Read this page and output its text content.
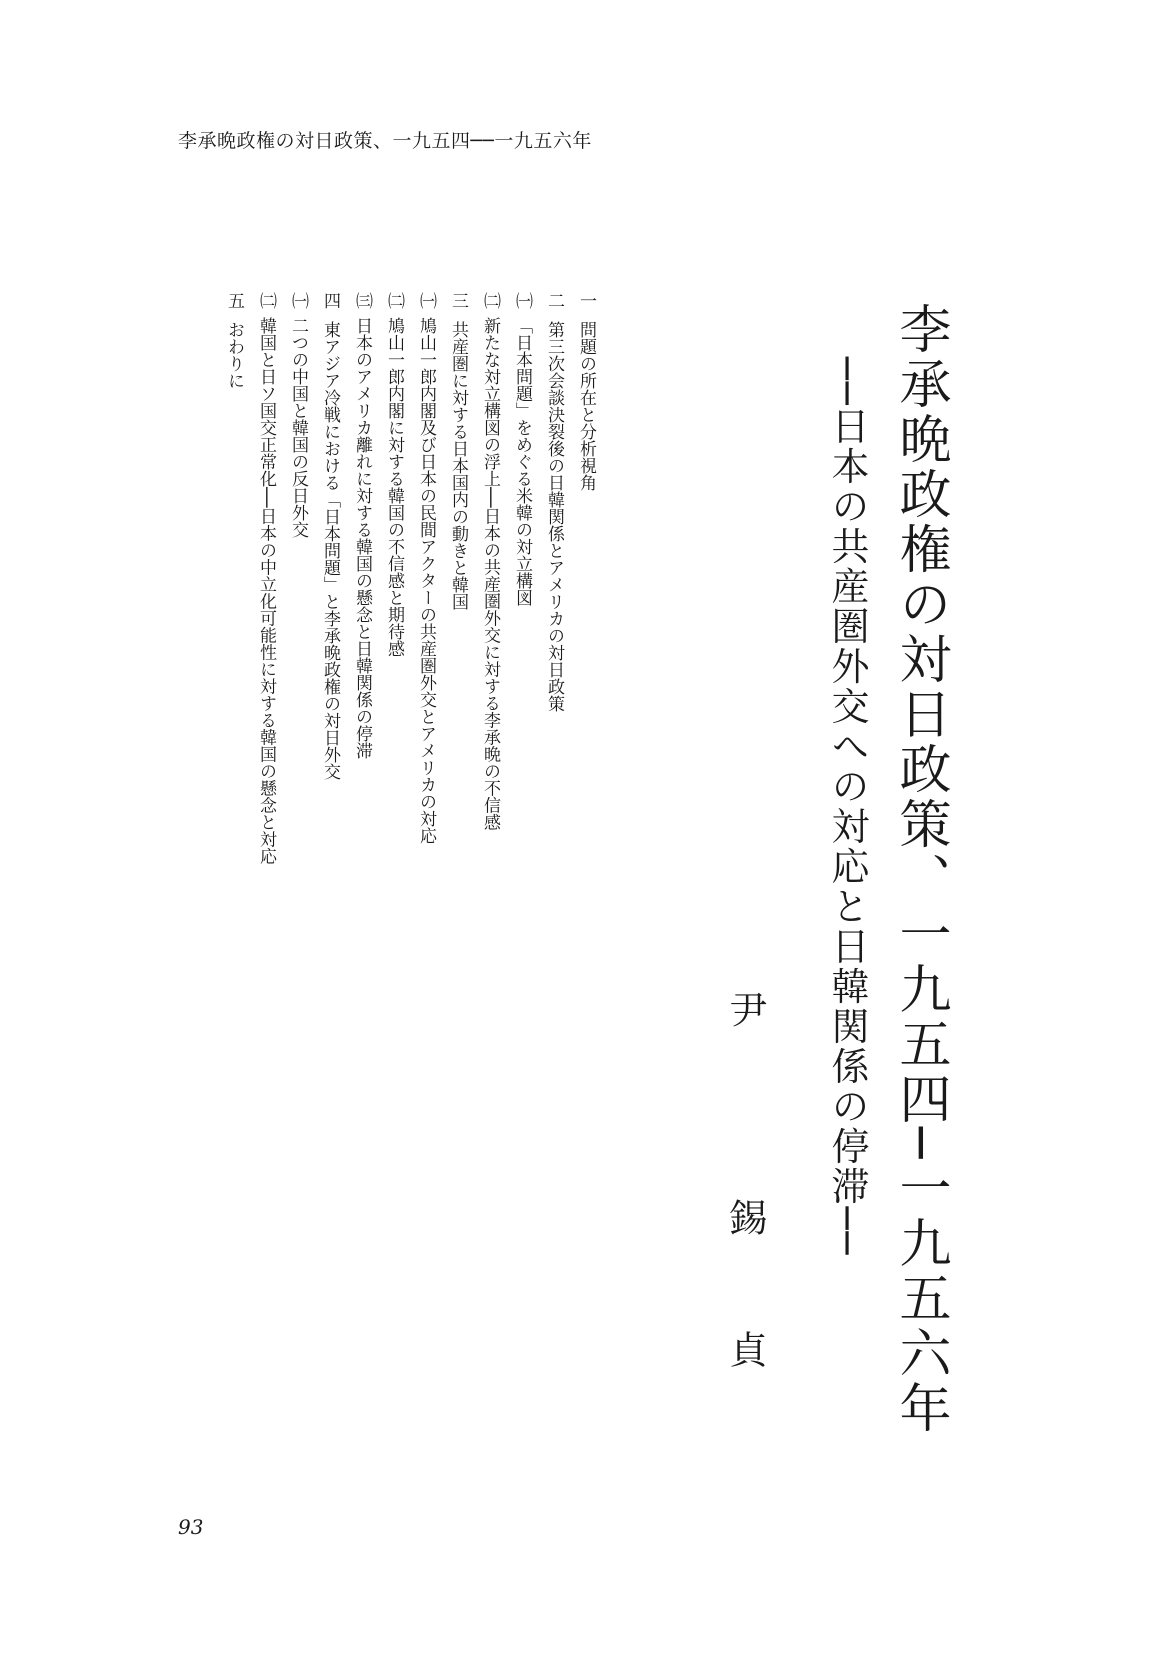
李承晩政権の対日政策、一九五四──一九五六年
李承晩政権の対日政策、一九五四─一九五六年
──日本の共産圏外交への対応と日韓関係の停滞──
尹
錫
貞
一問題の所在と分析視角
二第三次会談決裂後の日韓関係とアメリカの対日政策
㈠「日本問題」をめぐる米韓の対立構図
㈡新たな対立構図の浮上──日本の共産圏外交に対する李承晩の不信感
三共産圏に対する日本国内の動きと韓国
㈠鳩山一郎内閣及び日本の民間アクターの共産圏外交とアメリカの対応
㈡鳩山一郎内閣に対する韓国の不信感と期待感
㈢日本のアメリカ離れに対する韓国の懸念と日韓関係の停滞
四東アジア冷戦における「日本問題」と李承晩政権の対日外交
㈠二つの中国と韓国の反日外交
㈡韓国と日ソ国交正常化──日本の中立化可能性に対する韓国の懸念と対応
五おわりに
93
